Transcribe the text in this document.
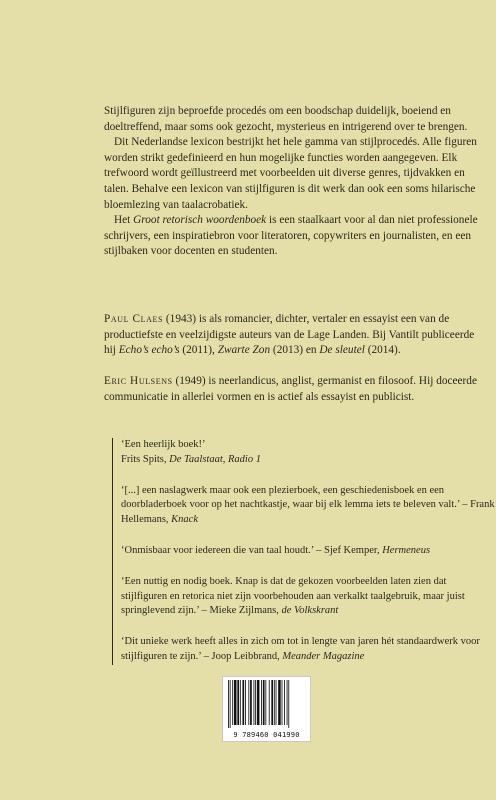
Stijlfiguren zijn beproefde procedés om een boodschap duidelijk, boeiend en doeltreffend, maar soms ook gezocht, mysterieus en intrigerend over te brengen.

Dit Nederlandse lexicon bestrijkt het hele gamma van stijlprocedés. Alle figuren worden strikt gedefinieerd en hun mogelijke functies worden aangegeven. Elk trefwoord wordt geïllustreerd met voorbeelden uit diverse genres, tijdvakken en talen. Behalve een lexicon van stijlfiguren is dit werk dan ook een soms hilarische bloemlezing van taalacrobatiek.

Het Groot retorisch woordenboek is een staalkaart voor al dan niet professionele schrijvers, een inspiratiebron voor literatoren, copywriters en journalisten, en een stijlbaken voor docenten en studenten.

Paul Claes (1943) is als romancier, dichter, vertaler en essayist een van de productiefste en veelzijdigste auteurs van de Lage Landen. Bij Vantilt publiceerde hij Echo’s echo’s (2011), Zwarte Zon (2013) en De sleutel (2014).

Eric Hulsens (1949) is neerlandicus, anglist, germanist en filosoof. Hij doceerde communicatie in allerlei vormen en is actief als essayist en publicist.

‘Een heerlijk boek!’
Frits Spits, De Taalstaat, Radio 1
‘[...] een naslagwerk maar ook een plezierboek, een geschiedenisboek en een doorbladerboek voor op het nachtkastje, waar bij elk lemma iets te beleven valt.’ – Frank Hellemans, Knack
‘Onmisbaar voor iedereen die van taal houdt.’ – Sjef Kemper, Hermeneus
‘Een nuttig en nodig boek. Knap is dat de gekozen voorbeelden laten zien dat stijlfiguren en retorica niet zijn voorbehouden aan verkalkt taalgebruik, maar juist springlevend zijn.’ – Mieke Zijlmans, de Volkskrant
‘Dit unieke werk heeft alles in zich om tot in lengte van jaren hét standaardwerk voor stijlfiguren te zijn.’ – Joop Leibbrand, Meander Magazine
9 789460 041990
